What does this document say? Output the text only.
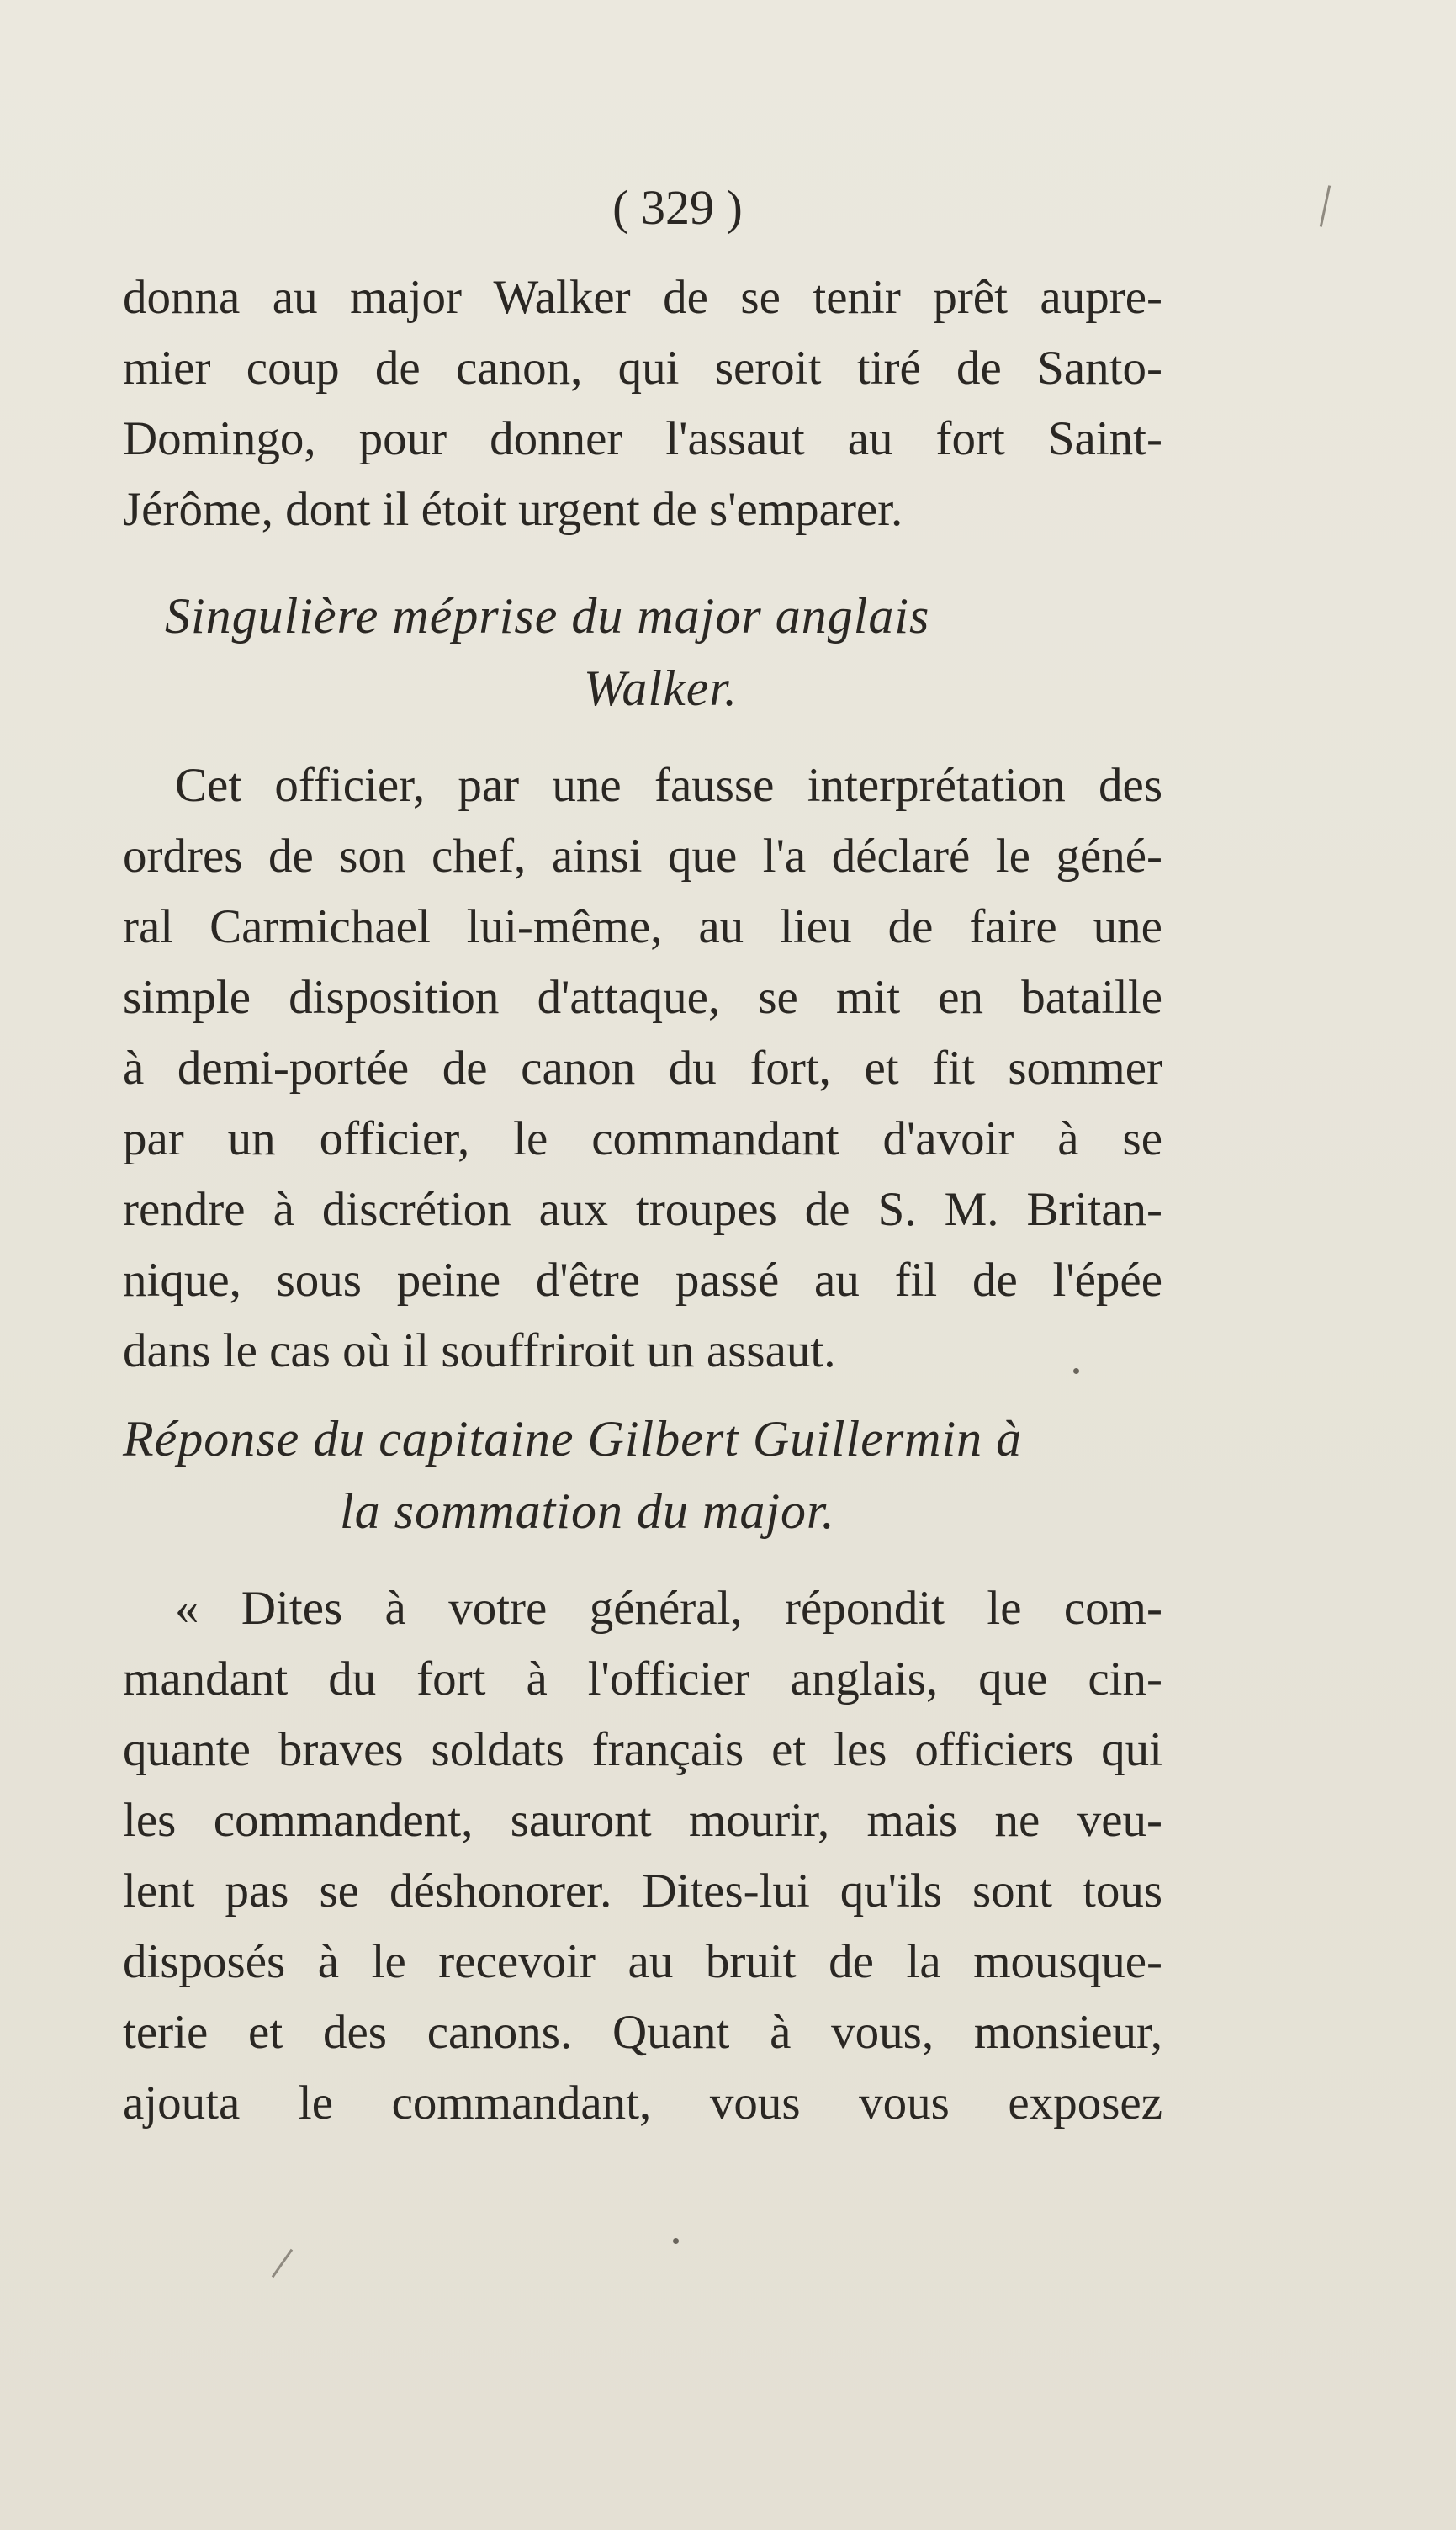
( 329 )
donna au major Walker de se tenir prêt aupre-
mier coup de canon, qui seroit tiré de Santo-
Domingo, pour donner l'assaut au fort Saint-
Jérôme, dont il étoit urgent de s'emparer.
Singulière méprise du major anglais
Walker.
Cet officier, par une fausse interprétation des
ordres de son chef, ainsi que l'a déclaré le géné-
ral Carmichael lui-même, au lieu de faire une
simple disposition d'attaque, se mit en bataille
à demi-portée de canon du fort, et fit sommer
par un officier, le commandant d'avoir à se
rendre à discrétion aux troupes de S. M. Britan-
nique, sous peine d'être passé au fil de l'épée
dans le cas où il souffriroit un assaut.
Réponse du capitaine Gilbert Guillermin à
la sommation du major.
« Dites à votre général, répondit le com-
mandant du fort à l'officier anglais, que cin-
quante braves soldats français et les officiers qui
les commandent, sauront mourir, mais ne veu-
lent pas se déshonorer. Dites-lui qu'ils sont tous
disposés à le recevoir au bruit de la mousque-
terie et des canons. Quant à vous, monsieur,
ajouta le commandant, vous vous exposez
